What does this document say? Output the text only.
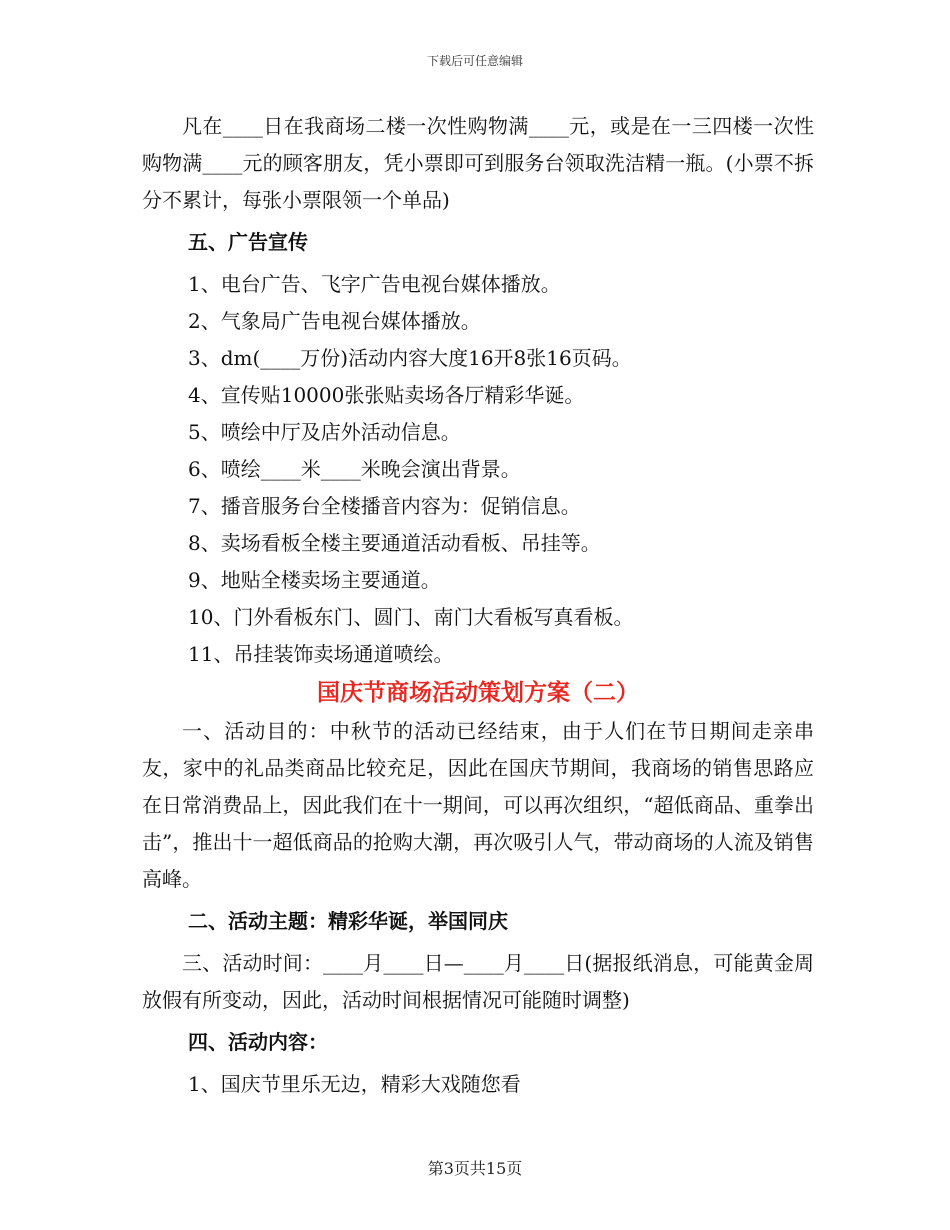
下载后可任意编辑

凡在____日在我商场二楼一次性购物满____元，或是在一三四楼一次性购物满____元的顾客朋友，凭小票即可到服务台领取洗洁精一瓶。(小票不拆分不累计，每张小票限领一个单品)

五、广告宣传

1、电台广告、飞字广告电视台媒体播放。

2、气象局广告电视台媒体播放。

3、dm(____万份)活动内容大度16开8张16页码。

4、宣传贴10000张张贴卖场各厅精彩华诞。

5、喷绘中厅及店外活动信息。

6、喷绘____米____米晚会演出背景。

7、播音服务台全楼播音内容为：促销信息。

8、卖场看板全楼主要通道活动看板、吊挂等。

9、地贴全楼卖场主要通道。

10、门外看板东门、圆门、南门大看板写真看板。

11、吊挂装饰卖场通道喷绘。

国庆节商场活动策划方案（二）

一、活动目的：中秋节的活动已经结束，由于人们在节日期间走亲串友，家中的礼品类商品比较充足，因此在国庆节期间，我商场的销售思路应在日常消费品上，因此我们在十一期间，可以再次组织，“超低商品、重拳出击”，推出十一超低商品的抢购大潮，再次吸引人气，带动商场的人流及销售高峰。

二、活动主题：精彩华诞，举国同庆

三、活动时间：____月____日—____月____日(据报纸消息，可能黄金周放假有所变动，因此，活动时间根据情况可能随时调整)

四、活动内容：

1、国庆节里乐无边，精彩大戏随您看

第3页共15页
